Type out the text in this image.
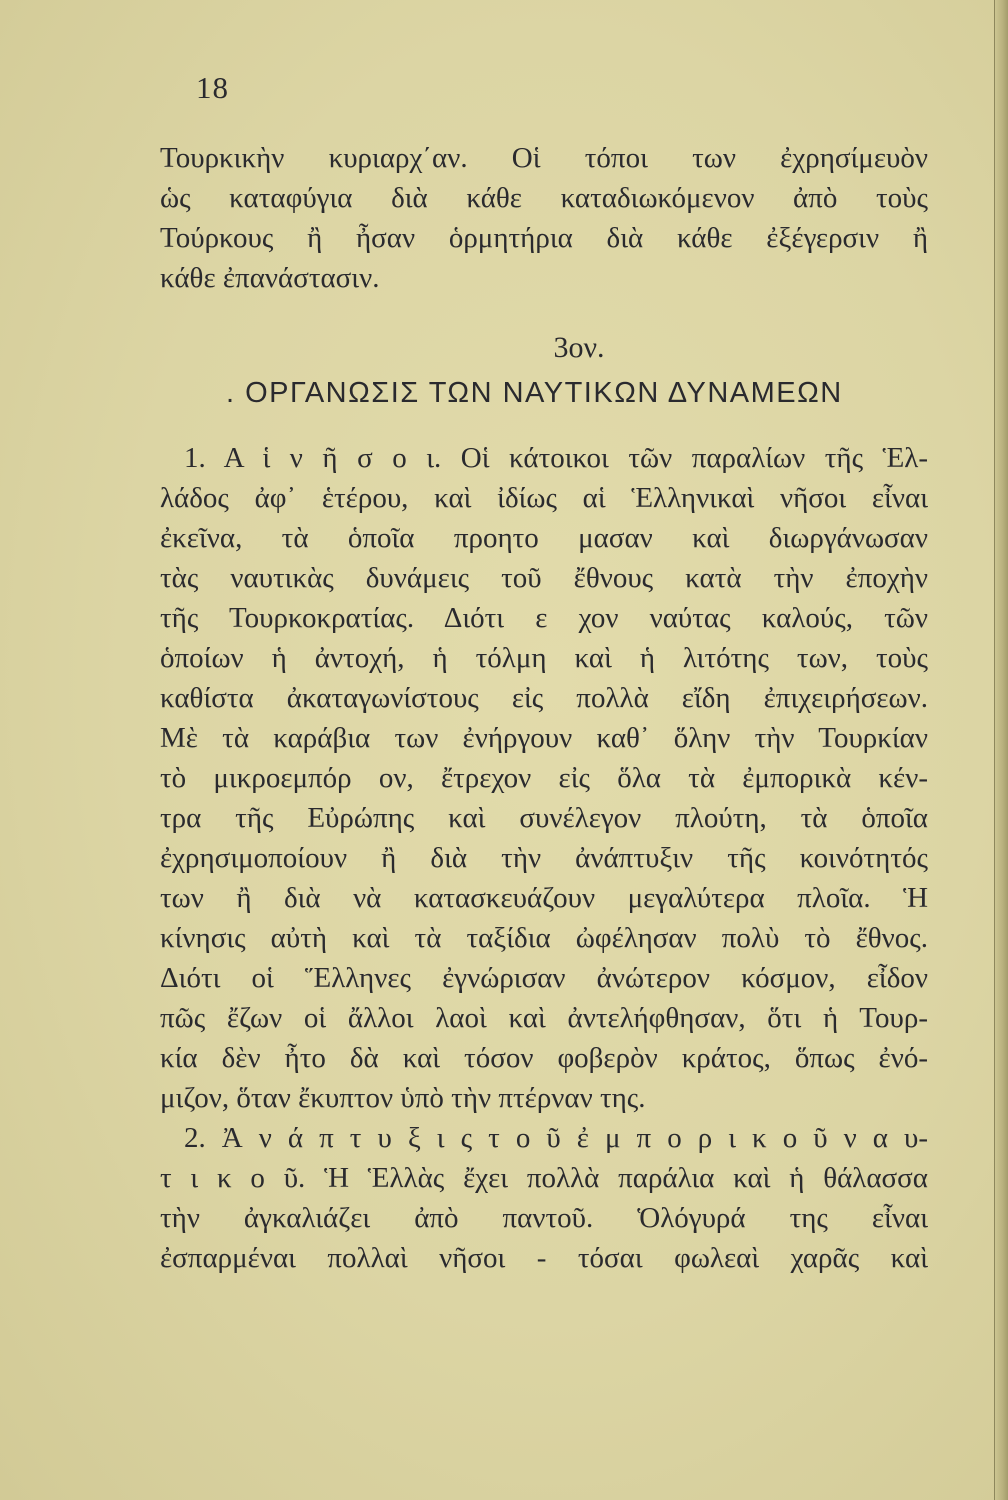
18
Τουρκικὴν κυριαρχ΄αν. Οἱ τόποι των ἐχρησίμευὸν
ὡς καταφύγια διὰ κάθε καταδιωκόμενον ἀπὸ τοὺς
Τούρκους ἢ ἦσαν ὁρμητήρια διὰ κάθε ἐξέγερσιν ἢ
κάθε ἐπανάστασιν.
3ον.
. ΟΡΓΑΝΩΣΙΣ ΤΩΝ ΝΑΥΤΙΚΩΝ ΔΥΝΑΜΕΩΝ
1. Α ἱ ν ῆ σ ο ι. Οἱ κάτοικοι τῶν παραλίων τῆς Ἑλ-
λάδος ἀφ᾽ ἑτέρου, καὶ ἰδίως αἱ Ἑλληνικαὶ νῆσοι εἶναι
ἐκεῖνα, τὰ ὁποῖα προητο μασαν καὶ διωργάνωσαν
τὰς ναυτικὰς δυνάμεις τοῦ ἔθνους κατὰ τὴν ἐποχὴν
τῆς Τουρκοκρατίας. Διότι ε χον ναύτας καλούς, τῶν
ὁποίων ἡ ἀντοχή, ἡ τόλμη καὶ ἡ λιτότης των, τοὺς
καθίστα ἀκαταγωνίστους εἰς πολλὰ εἴδη ἐπιχειρήσεων.
Μὲ τὰ καράβια των ἐνήργουν καθ᾽ ὅλην τὴν Τουρκίαν
τὸ μικροεμπόρ ον, ἔτρεχον εἰς ὅλα τὰ ἐμπορικὰ κέν-
τρα τῆς Εὐρώπης καὶ συνέλεγον πλούτη, τὰ ὁποῖα
ἐχρησιμοποίουν ἢ διὰ τὴν ἀνάπτυξιν τῆς κοινότητός
των ἢ διὰ νὰ κατασκευάζουν μεγαλύτερα πλοῖα. Ἡ
κίνησις αὐτὴ καὶ τὰ ταξίδια ὠφέλησαν πολὺ τὸ ἔθνος.
Διότι οἱ Ἕλληνες ἐγνώρισαν ἀνώτερον κόσμον, εἶδον
πῶς ἔζων οἱ ἄλλοι λαοὶ καὶ ἀντελήφθησαν, ὅτι ἡ Τουρ-
κία δὲν ἦτο δὰ καὶ τόσον φοβερὸν κράτος, ὅπως ἐνό-
μιζον, ὅταν ἔκυπτον ὑπὸ τὴν πτέρναν της.
2. Ἀ ν ά π τ υ ξ ι ς τ ο ῦ ἐ μ π ο ρ ι κ ο ῦ ν α υ-
τ ι κ ο ῦ. Ἡ Ἑλλὰς ἔχει πολλὰ παράλια καὶ ἡ θάλασσα
τὴν ἀγκαλιάζει ἀπὸ παντοῦ. Ὁλόγυρά της εἶναι
ἐσπαρμέναι πολλαὶ νῆσοι - τόσαι φωλεαὶ χαρᾶς καὶ
